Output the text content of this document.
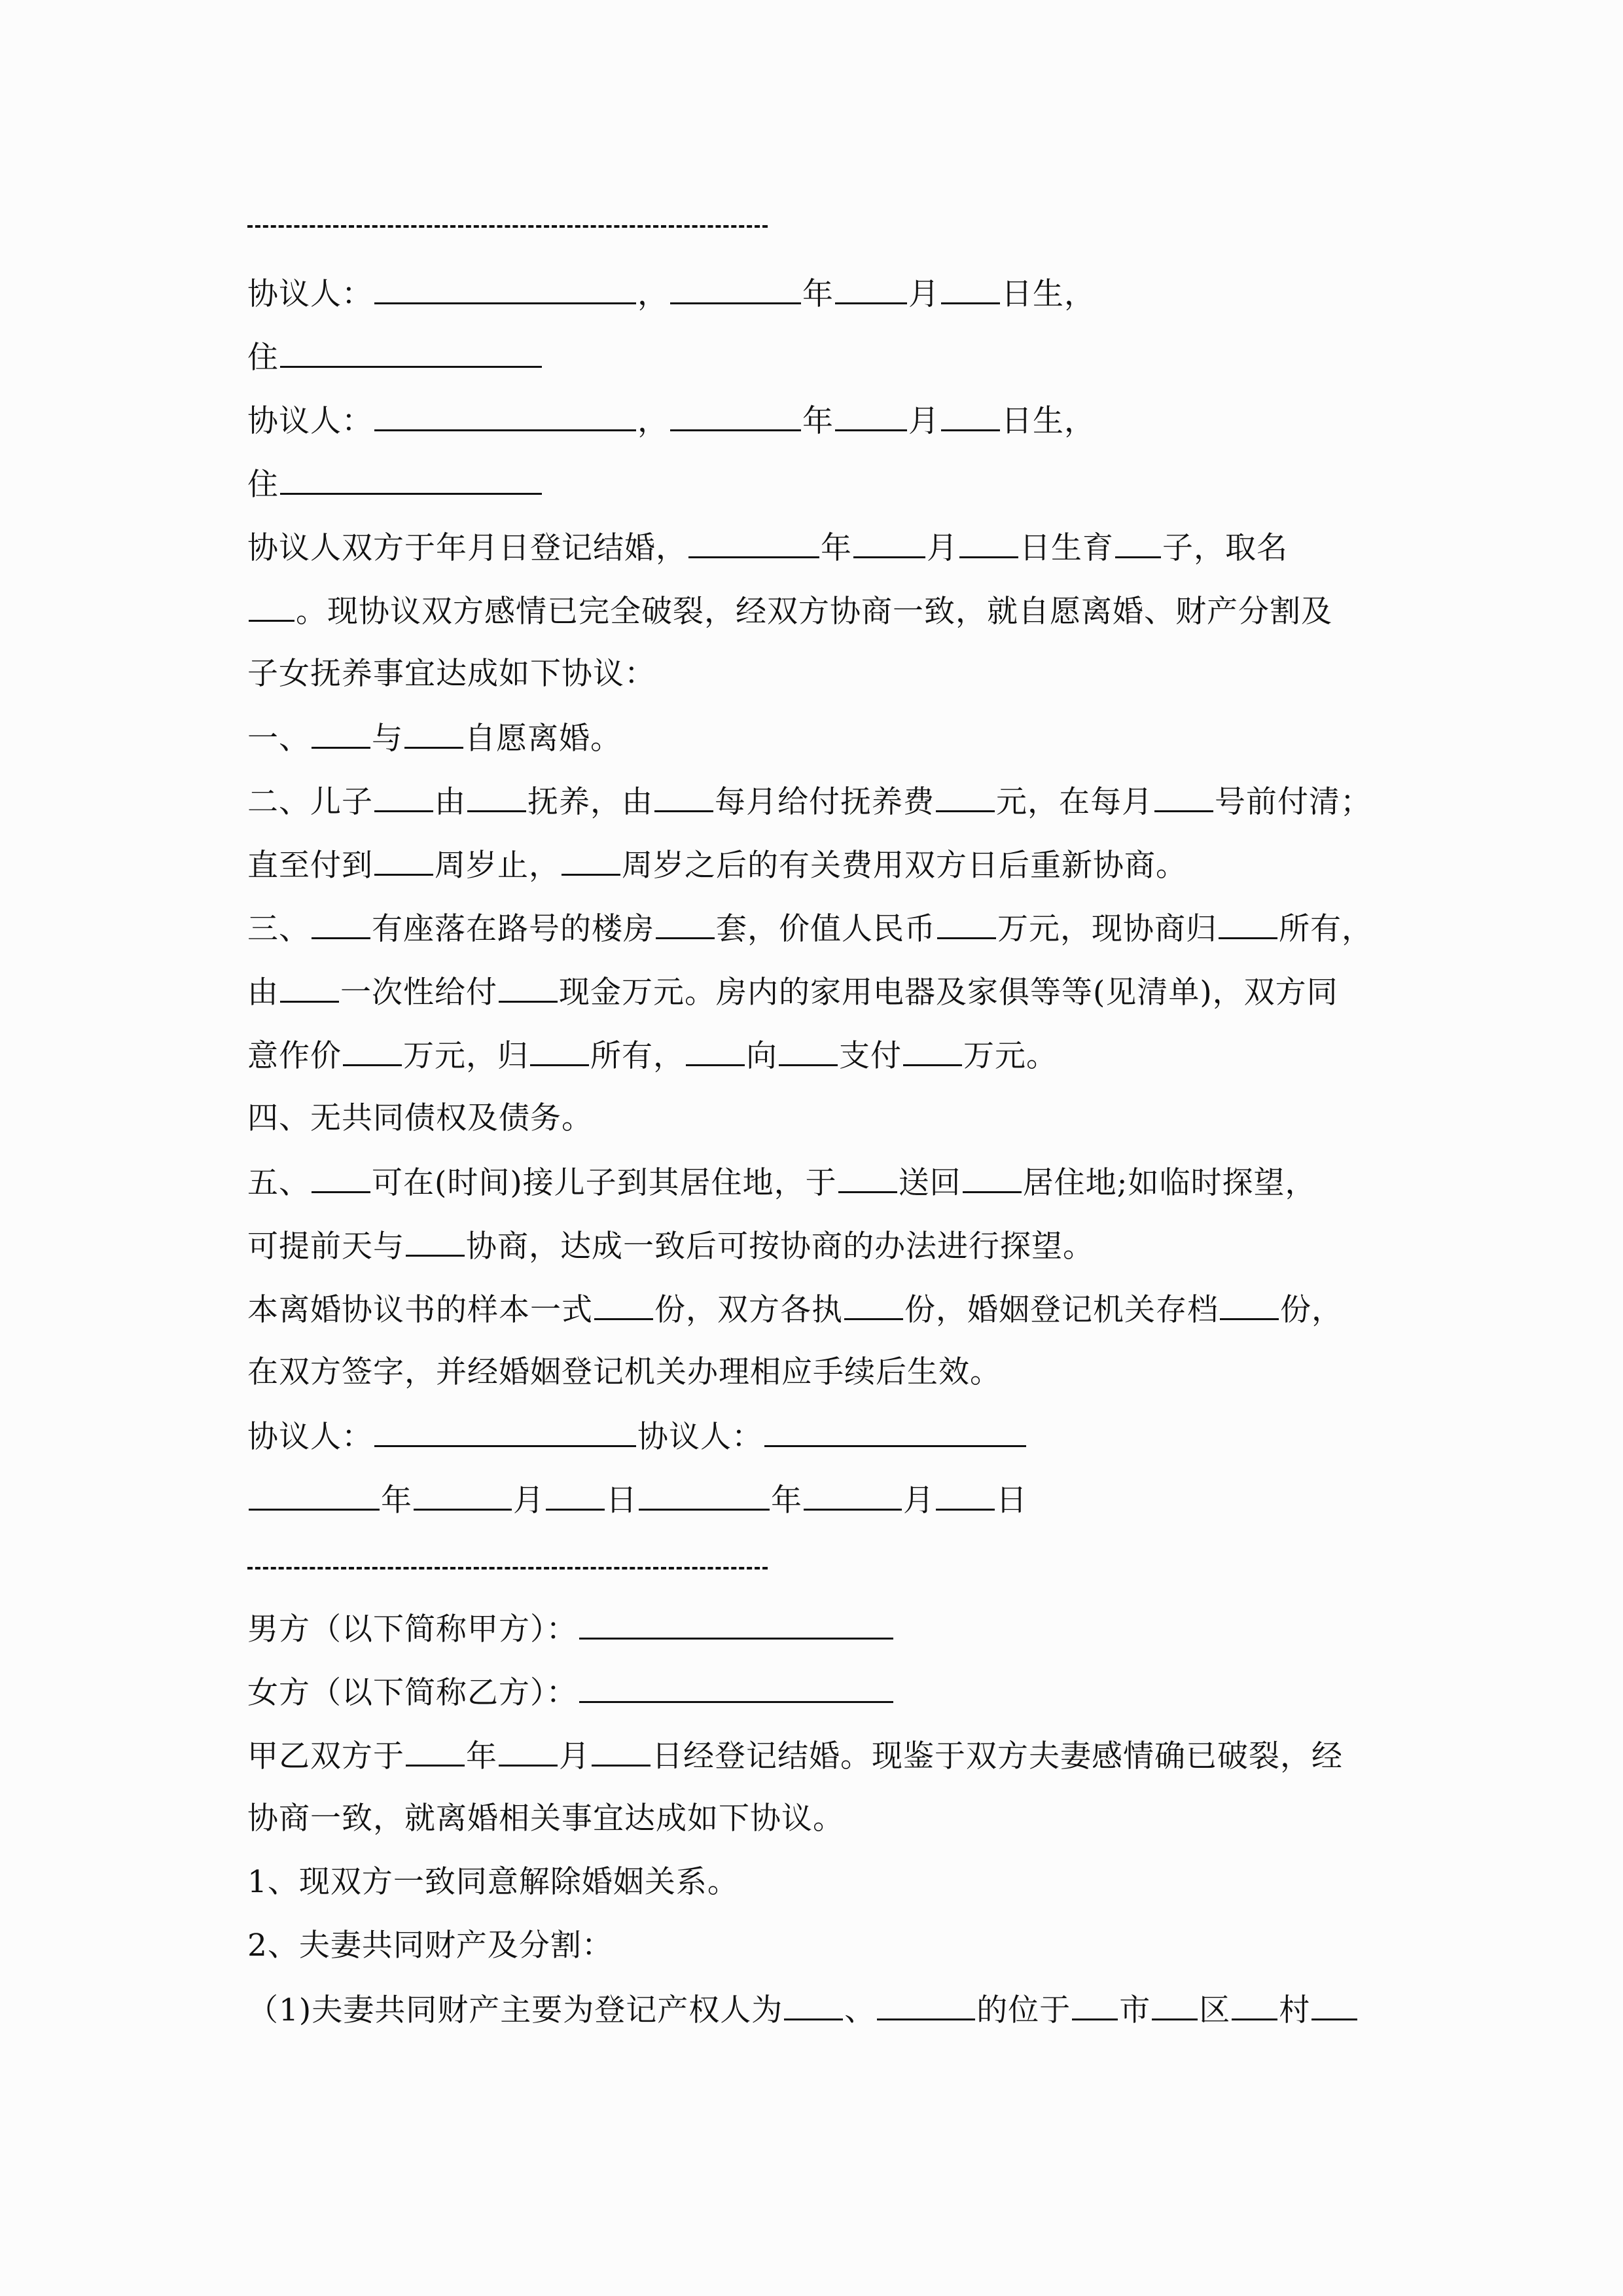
协议人：	，	年 月 日生，
住
协议人：	，	年 月 日生，
住
协议人双方于年月日登记结婚，	年 月 日生育 子，取名
。现协议双方感情已完全破裂，经双方协商一致，就自愿离婚、财产分割及
子女抚养事宜达成如下协议：
一、 与 自愿离婚。
二、儿子 由 抚养，由 每月给付抚养费 元，在每月 号前付清；
直至付到 周岁止， 周岁之后的有关费用双方日后重新协商。
三、 有座落在路号的楼房 套，价值人民币 万元，现协商归 所有，
由 一次性给付 现金万元。房内的家用电器及家俱等等(见清单)，双方同
意作价 万元，归 所有， 向 支付 万元。
四、无共同债权及债务。
五、 可在(时间)接儿子到其居住地，于 送回 居住地;如临时探望，
可提前天与 协商，达成一致后可按协商的办法进行探望。
本离婚协议书的样本一式 份，双方各执 份，婚姻登记机关存档 份，
在双方签字，并经婚姻登记机关办理相应手续后生效。
协议人：	协议人：
年	月 日	年	月 日
男方（以下简称甲方）：
女方（以下简称乙方）：
甲乙双方于 年 月 日经登记结婚。现鉴于双方夫妻感情确已破裂，经
协商一致，就离婚相关事宜达成如下协议。
1、现双方一致同意解除婚姻关系。
2、夫妻共同财产及分割：
（1)夫妻共同财产主要为登记产权人为 、	的位于 市 区 村
